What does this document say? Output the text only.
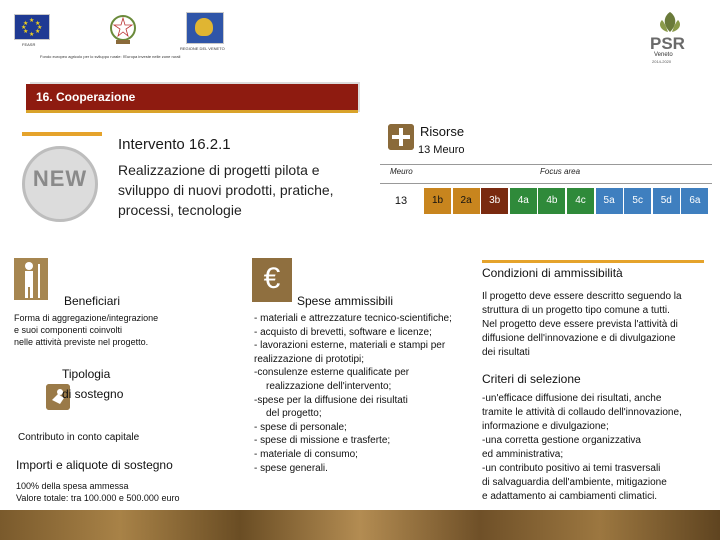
★
★ ★
★ ★
★ ★
★
FEASR
REGIONE DEL VENETO
Fondo europeo agricolo per lo sviluppo rurale: l'Europa investe nelle zone rurali
PSR
Veneto
2014-2020
16. Cooperazione
Intervento 16.2.1
NEW	Realizzazione di progetti pilota e sviluppo di nuovi prodotti, pratiche, processi, tecnologie
Risorse
13 Meuro
Meuro	Focus area
13	1b	2a	3b	4a	4b	4c	5a	5c	5d	6a
Condizioni di ammissibilità
Il progetto deve essere descritto seguendo la
struttura di un progetto tipo comune a tutti.
Nel progetto deve essere prevista l'attività di
diffusione dell'innovazione e di divulgazione
dei risultati
Criteri di selezione
-un'efficace diffusione dei risultati, anche
tramite le attività di collaudo dell'innovazione,
informazione e divulgazione;
-una corretta gestione organizzativa
ed amministrativa;
-un contributo positivo ai temi trasversali
di salvaguardia dell'ambiente, mitigazione
e adattamento ai cambiamenti climatici.
Beneficiari
Forma di aggregazione/integrazione
e suoi componenti coinvolti
nelle attività previste nel progetto.
€
Spese ammissibili
- materiali e attrezzature tecnico-scientifiche;
- acquisto di brevetti, software e licenze;
- lavorazioni esterne, materiali e stampi per
realizzazione di prototipi;
-consulenze esterne qualificate per
realizzazione dell'intervento;
-spese per la diffusione dei risultati
del progetto;
- spese di personale;
- spese di missione e trasferte;
- materiale di consumo;
- spese generali.
Tipologia
di sostegno
Contributo in conto capitale
Importi e aliquote di sostegno
100% della spesa ammessa
Valore totale: tra 100.000 e 500.000 euro
